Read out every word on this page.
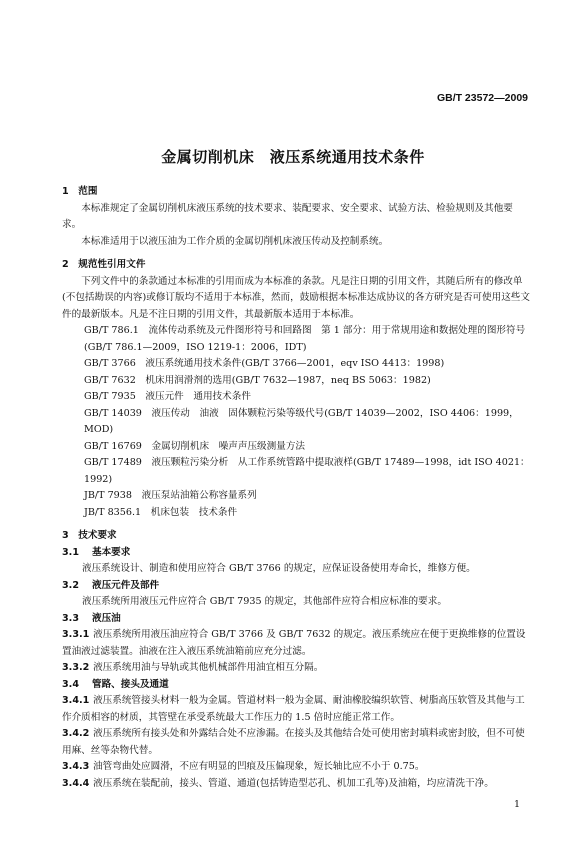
GB/T 23572—2009
金属切削机床　液压系统通用技术条件
1　范围

本标准规定了金属切削机床液压系统的技术要求、装配要求、安全要求、试验方法、检验规则及其他要求。

本标准适用于以液压油为工作介质的金属切削机床液压传动及控制系统。

2　规范性引用文件

下列文件中的条款通过本标准的引用而成为本标准的条款。凡是注日期的引用文件，其随后所有的修改单(不包括勘误的内容)或修订版均不适用于本标准，然而，鼓励根据本标准达成协议的各方研究是否可使用这些文件的最新版本。凡是不注日期的引用文件，其最新版本适用于本标准。

GB/T 786.1　流体传动系统及元件图形符号和回路图　第 1 部分：用于常规用途和数据处理的图形符号(GB/T 786.1—2009，ISO 1219-1：2006，IDT)

GB/T 3766　液压系统通用技术条件(GB/T 3766—2001，eqv ISO 4413：1998)

GB/T 7632　机床用润滑剂的选用(GB/T 7632—1987，neq BS 5063：1982)

GB/T 7935　液压元件　通用技术条件

GB/T 14039　液压传动　油液　固体颗粒污染等级代号(GB/T 14039—2002，ISO 4406：1999，MOD)

GB/T 16769　金属切削机床　噪声声压级测量方法

GB/T 17489　液压颗粒污染分析　从工作系统管路中提取液样(GB/T 17489—1998，idt ISO 4021：1992)

JB/T 7938　液压泵站油箱公称容量系列

JB/T 8356.1　机床包装　技术条件

3　技术要求
3.1 基本要求

液压系统设计、制造和使用应符合 GB/T 3766 的规定，应保证设备使用寿命长，维修方便。

3.2 液压元件及部件

液压系统所用液压元件应符合 GB/T 7935 的规定，其他部件应符合相应标准的要求。

3.3 液压油

3.3.1 液压系统所用液压油应符合 GB/T 3766 及 GB/T 7632 的规定。液压系统应在便于更换维修的位置设置油液过滤装置。油液在注入液压系统油箱前应充分过滤。

3.3.2 液压系统用油与导轨或其他机械部件用油宜相互分隔。

3.4 管路、接头及通道

3.4.1 液压系统管接头材料一般为金属。管道材料一般为金属、耐油橡胶编织软管、树脂高压软管及其他与工作介质相容的材质，其管壁在承受系统最大工作压力的 1.5 倍时应能正常工作。

3.4.2 液压系统所有接头处和外露结合处不应渗漏。在接头及其他结合处可使用密封填料或密封胶，但不可使用麻、丝等杂物代替。

3.4.3 油管弯曲处应圆滑，不应有明显的凹痕及压偏现象，短长轴比应不小于 0.75。

3.4.4 液压系统在装配前，接头、管道、通道(包括铸造型芯孔、机加工孔等)及油箱，均应清洗干净。

1
